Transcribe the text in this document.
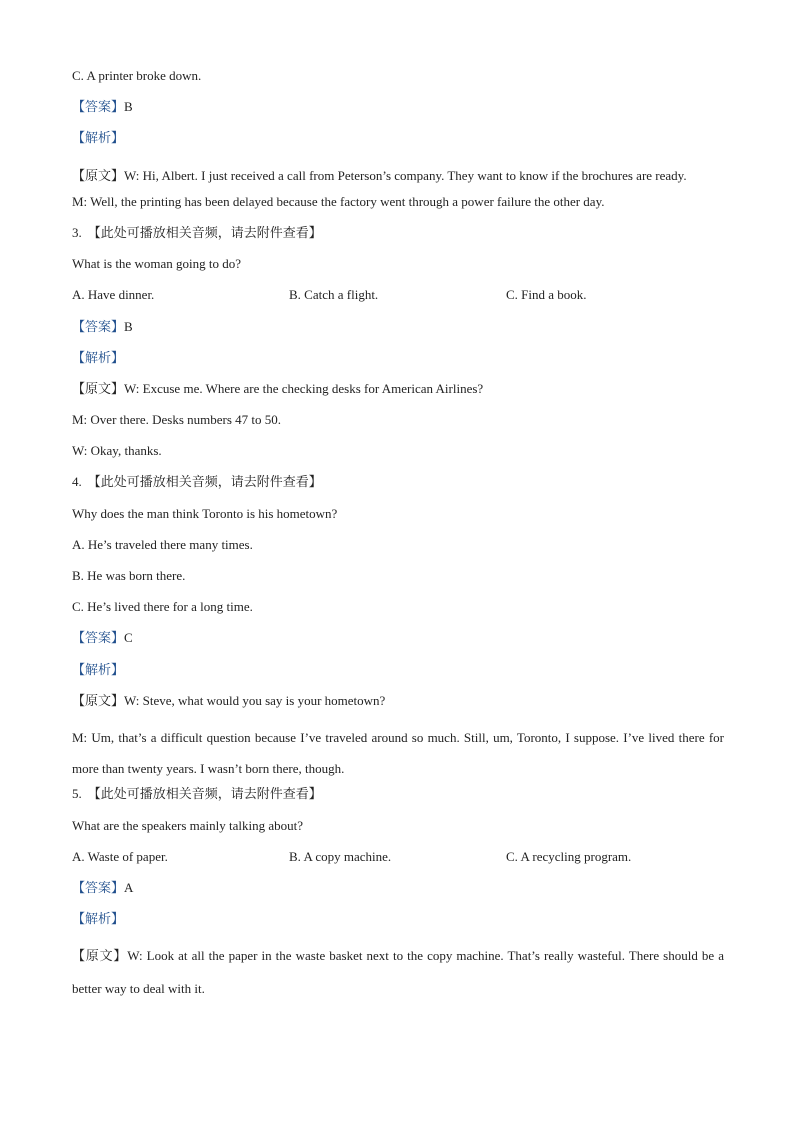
C. A printer broke down.
【答案】B
【解析】
【原文】W: Hi, Albert. I just received a call from Peterson’s company. They want to know if the brochures are ready.
M: Well, the printing has been delayed because the factory went through a power failure the other day.
3. 【此处可播放相关音频，请去附件查看】
What is the woman going to do?
A. Have dinner.	B. Catch a flight.	C. Find a book.
【答案】B
【解析】
【原文】W: Excuse me. Where are the checking desks for American Airlines?
M: Over there. Desks numbers 47 to 50.
W: Okay, thanks.
4. 【此处可播放相关音频，请去附件查看】
Why does the man think Toronto is his hometown?
A. He’s traveled there many times.
B. He was born there.
C. He’s lived there for a long time.
【答案】C
【解析】
【原文】W: Steve, what would you say is your hometown?
M: Um, that’s a difficult question because I’ve traveled around so much. Still, um, Toronto, I suppose. I’ve lived there for more than twenty years. I wasn’t born there, though.
5. 【此处可播放相关音频，请去附件查看】
What are the speakers mainly talking about?
A. Waste of paper.	B. A copy machine.	C. A recycling program.
【答案】A
【解析】
【原文】W: Look at all the paper in the waste basket next to the copy machine. That’s really wasteful. There should be a better way to deal with it.
